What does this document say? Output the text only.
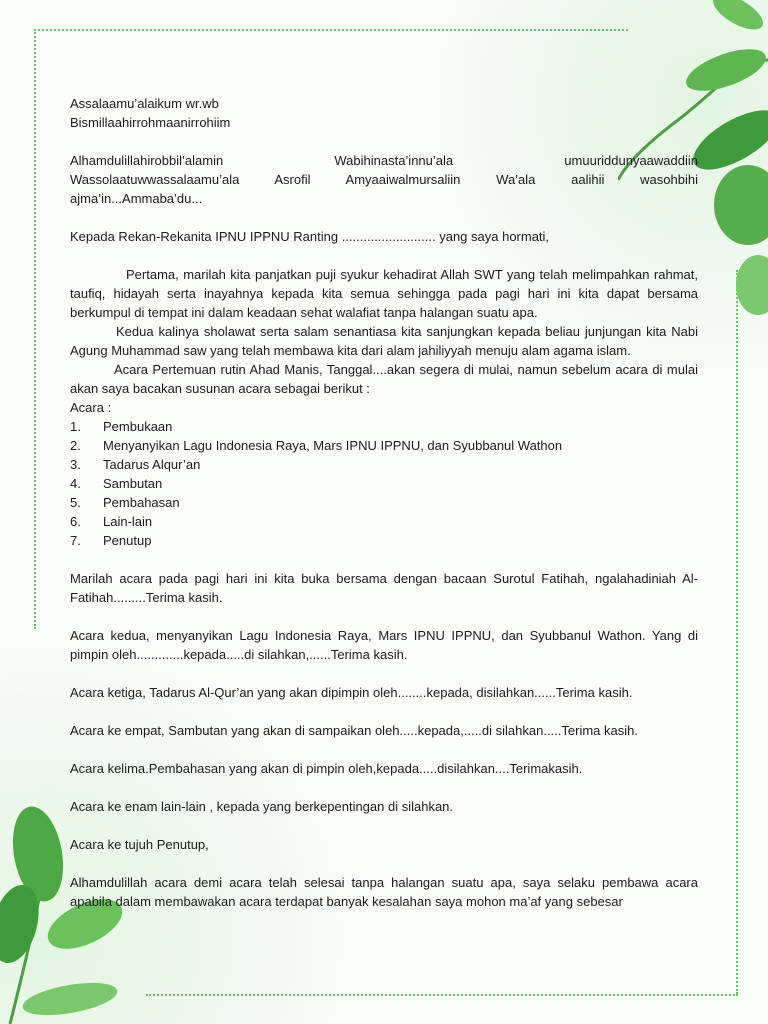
Assalaamu’alaikum wr.wb

Bismillaahirrohmaanirrohiim

Alhamdulillahirobbil’alamin Wabihinasta’innu’ala umuuriddunyaawaddiin

Wassolaatuwwassalaamu’ala Asrofil Amyaaiwalmursaliin Wa’ala aalihii wasohbihi

ajma’in...Ammaba’du...

Kepada Rekan-Rekanita IPNU IPPNU Ranting .......................... yang saya hormati,

Pertama, marilah kita panjatkan puji syukur kehadirat Allah SWT yang telah melimpahkan rahmat, taufiq, hidayah serta inayahnya kepada kita semua sehingga pada pagi hari ini kita dapat bersama berkumpul di tempat ini dalam keadaan sehat walafiat tanpa halangan suatu apa.

Kedua kalinya sholawat serta salam senantiasa kita sanjungkan kepada beliau junjungan kita Nabi Agung Muhammad saw yang telah membawa kita dari alam jahiliyyah menuju alam agama islam.

Acara Pertemuan rutin Ahad Manis, Tanggal....akan segera di mulai, namun sebelum acara di mulai akan saya bacakan susunan acara sebagai berikut :

Acara :

1.	Pembukaan
2.	Menyanyikan Lagu Indonesia Raya, Mars IPNU IPPNU, dan Syubbanul Wathon
3.	Tadarus Alqur’an
4.	Sambutan
5.	Pembahasan
6.	Lain-lain
7.	Penutup

Marilah acara pada pagi hari ini kita buka bersama dengan bacaan Surotul Fatihah, ngalahadiniah Al-Fatihah.........Terima kasih.

Acara kedua, menyanyikan Lagu Indonesia Raya, Mars IPNU IPPNU, dan Syubbanul Wathon. Yang di pimpin oleh.............kepada.....di silahkan,......Terima kasih.

Acara ketiga, Tadarus Al-Qur’an yang akan dipimpin oleh........kepada, disilahkan......Terima kasih.

Acara ke empat, Sambutan yang akan di sampaikan oleh.....kepada,.....di silahkan.....Terima kasih.

Acara kelima.Pembahasan yang akan di pimpin oleh,kepada.....disilahkan....Terimakasih.

Acara ke enam lain-lain , kepada yang berkepentingan di silahkan.

Acara ke tujuh Penutup,

Alhamdulillah acara demi acara telah selesai tanpa halangan suatu apa, saya selaku pembawa acara apabila dalam membawakan acara terdapat banyak kesalahan saya mohon ma’af yang sebesar
